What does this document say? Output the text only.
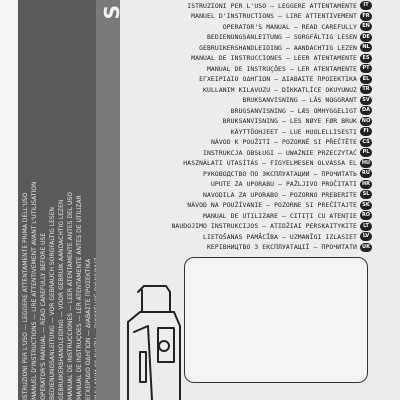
ISTRUZIONI PER L'USO — LEGGERE ATTENTAMENTE PRIMA DELL'USO MANUEL D'INSTRUCTIONS — LIRE ATTENTIVEMENT AVANT L'UTILISATION OPERATOR'S MANUAL — READ CAREFULLY BEFORE USE BEDIENUNGSANLEITUNG — VOR GEBRAUCH SORGFÄLTIG LESEN GEBRUIKERSHANDLEIDING — VÓÓR GEBRUIK AANDACHTIG LEZEN MANUAL DE INSTRUCCIONES — LEER ATENTAMENTE ANTES DEL USO MANUAL DE INSTRUÇÕES — LER ATENTAMENTE ANTES DE UTILIZAR ΕΓΧΕΙΡΙΔΙΟ ΟΔΗΓΙΩΝ — ΔΙΑΒΑΣΤΕ ΠΡΟΣΕΚΤΙΚΑ
S	ISTRUZIONI PER L'USO — LEGGERE ATTENTAMENTE	IT
MANUEL D'INSTRUCTIONS — LIRE ATTENTIVEMENT	FR
OPERATOR'S MANUAL — READ CAREFULLY	EN
BEDIENUNGSANLEITUNG — SORGFÄLTIG LESEN	DE
GEBRUIKERSHANDLEIDING — AANDACHTIG LEZEN	NL
MANUAL DE INSTRUCCIONES — LEER ATENTAMENTE	ES
MANUAL DE INSTRUÇÕES — LER ATENTAMENTE	PT
ΕΓΧΕΙΡΙΔΙΟ ΟΔΗΓΙΩΝ — ΔΙΑΒΑΣΤΕ ΠΡΟΣΕΚΤΙΚΑ	EL
KULLANIM KILAVUZU — DİKKATLİCE OKUYUNUZ	TR
BRUKSANVISNING — LÄS NOGGRANT	SV
BRUGSANVISNING — LÆS OMHYGGELIGT DA
BRUKSANVISNING — LES NØYE FØR BRUK NO
KÄYTTÖOHJEET — LUE HUOLELLISESTI	FI
NÁVOD K POUŽITÍ — POZORNĚ SI PŘEČTĚTE	CS
INSTRUKCJA OBSŁUGI — UWAŻNIE PRZECZYTAĆ	PL
HASZNÁLATI UTASÍTÁS — FIGYELMESEN OLVASSA EL HU
РУКОВОДСТВО ПО ЭКСПЛУАТАЦИИ — ПРОЧИТАТЬ	RU
UPUTE ZA UPORABU — PAŽLJIVO PROČITATI HR
NAVODILA ZA UPORABO — POZORNO PREBERITE	SL
NÁVOD NA POUŽÍVANIE — POZORNE SI PREČÍTAJTE	SK
MANUAL DE UTILIZARE — CITIȚI CU ATENȚIE RO
NAUDOJIMO INSTRUKCIJOS — ATIDŽIAI PERSKAITYKITE	LT
LIETOŠANAS PAMĀCĪBA — UZMANĪGI IZLASIET	LV
КЕРІВНИЦТВО З ЕКСПЛУАТАЦІЇ — ПРОЧИТАТИ	UK
